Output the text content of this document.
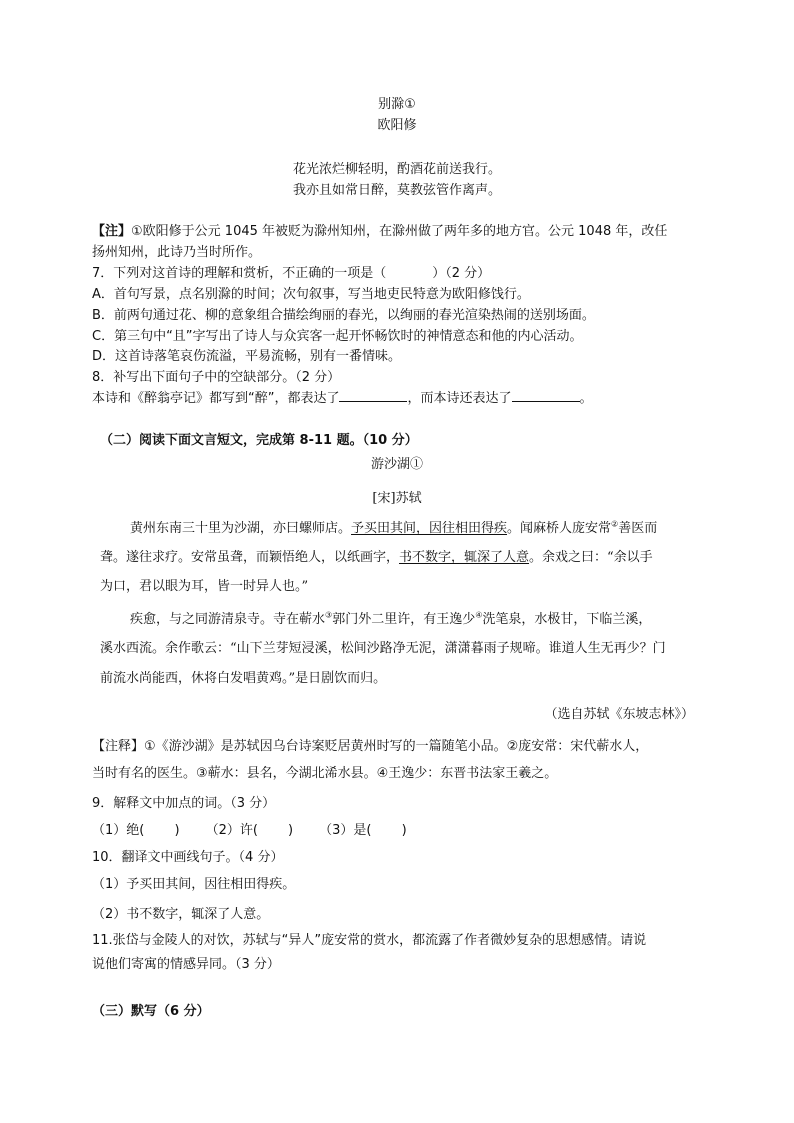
别滁①
欧阳修
花光浓烂柳轻明，酌酒花前送我行。
我亦且如常日醉，莫教弦管作离声。
【注】①欧阳修于公元 1045 年被贬为滁州知州，在滁州做了两年多的地方官。公元 1048 年，改任
扬州知州，此诗乃当时所作。
7．下列对这首诗的理解和赏析，不正确的一项是（	）（2 分）
A．首句写景，点名别滁的时间；次句叙事，写当地吏民特意为欧阳修饯行。
B．前两句通过花、柳的意象组合描绘绚丽的春光，以绚丽的春光渲染热闹的送别场面。
C．第三句中“且”字写出了诗人与众宾客一起开怀畅饮时的神情意态和他的内心活动。
D．这首诗落笔哀伤流溢，平易流畅，别有一番情味。
8．补写出下面句子中的空缺部分。（2 分）
本诗和《醉翁亭记》都写到“醉”，都表达了	，而本诗还表达了	。
（二）阅读下面文言短文，完成第 8-11 题。（10 分）
游沙湖①
[宋]苏轼
黄州东南三十里为沙湖，亦曰螺师店。予买田其间，因往相田得疾。闻麻桥人庞安常②善医而
聋。遂往求疗。安常虽聋，而颖悟绝人，以纸画字，书不数字，辄深了人意。余戏之曰：“余以手
为口，君以眼为耳，皆一时异人也。”
疾愈，与之同游清泉寺。寺在蕲水③郭门外二里许，有王逸少④洗笔泉，水极甘，下临兰溪，
溪水西流。余作歌云：“山下兰芽短浸溪，松间沙路净无泥，潇潇暮雨子规啼。谁道人生无再少？门
前流水尚能西，休将白发唱黄鸡。”是日剧饮而归。
（选自苏轼《东坡志林》）
【注释】①《游沙湖》是苏轼因乌台诗案贬居黄州时写的一篇随笔小品。②庞安常：宋代蕲水人，
当时有名的医生。③蕲水：县名，今湖北浠水县。④王逸少：东晋书法家王羲之。
9．解释文中加点的词。（3 分）
（1）绝(　　 ) （2）许(　　 ) （3）是(　　 )
10．翻译文中画线句子。（4 分）
（1）予买田其间，因往相田得疾。
（2）书不数字，辄深了人意。
11.张岱与金陵人的对饮，苏轼与“异人”庞安常的赏水，都流露了作者微妙复杂的思想感情。请说
说他们寄寓的情感异同。（3 分）
（三）默写（6 分）
